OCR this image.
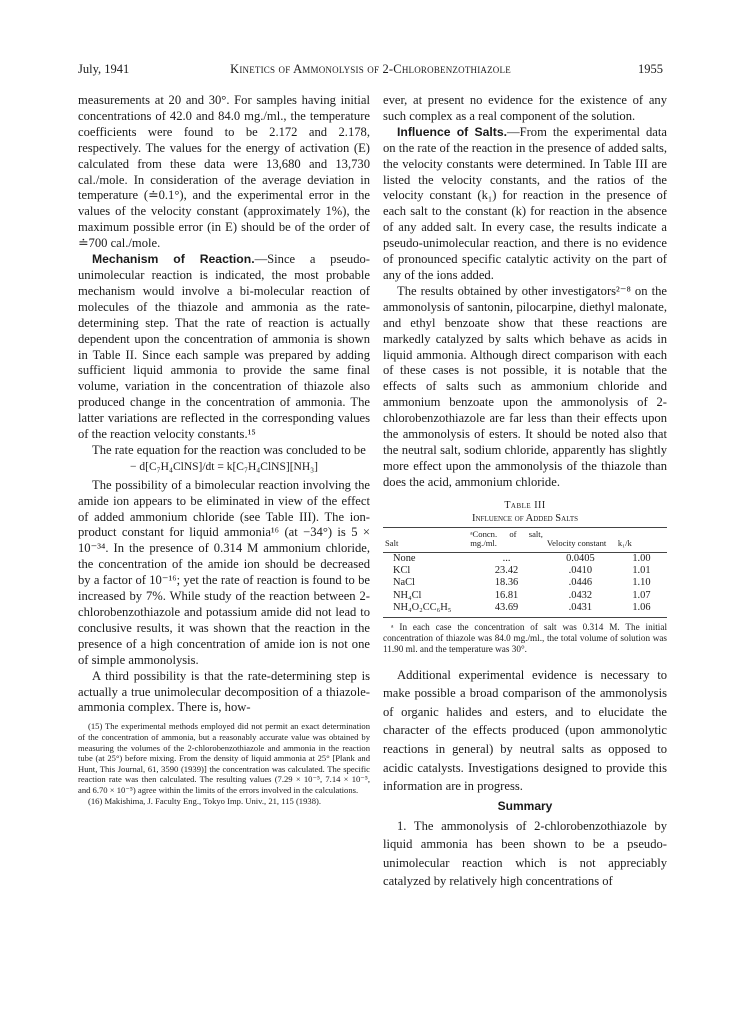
July, 1941	Kinetics of Ammonolysis of 2-Chlorobenzothiazole	1955

measurements at 20 and 30°. For samples having initial concentrations of 42.0 and 84.0 mg./ml., the temperature coefficients were found to be 2.172 and 2.178, respectively. The values for the energy of activation (E) calculated from these data were 13,680 and 13,730 cal./mole. In consideration of the average deviation in temperature (≐0.1°), and the experimental error in the values of the velocity constant (approximately 1%), the maximum possible error (in E) should be of the order of ≐700 cal./mole.

Mechanism of Reaction.—Since a pseudo-unimolecular reaction is indicated, the most probable mechanism would involve a bi-molecular reaction of molecules of the thiazole and ammonia as the rate-determining step. That the rate of reaction is actually dependent upon the concentration of ammonia is shown in Table II. Since each sample was prepared by adding sufficient liquid ammonia to provide the same final volume, variation in the concentration of thiazole also produced change in the concentration of ammonia. The latter variations are reflected in the corresponding values of the reaction velocity constants.¹⁵

The rate equation for the reaction was concluded to be

− d[C₇H₄ClNS]/dt = k[C₇H₄ClNS][NH₃]

The possibility of a bimolecular reaction involving the amide ion appears to be eliminated in view of the effect of added ammonium chloride (see Table III). The ion-product constant for liquid ammonia¹⁶ (at −34°) is 5 × 10⁻³⁴. In the presence of 0.314 M ammonium chloride, the concentration of the amide ion should be decreased by a factor of 10⁻¹⁶; yet the rate of reaction is found to be increased by 7%. While study of the reaction between 2-chlorobenzothiazole and potassium amide did not lead to conclusive results, it was shown that the reaction in the presence of a high concentration of amide ion is not one of simple ammonolysis.

A third possibility is that the rate-determining step is actually a true unimolecular decomposition of a thiazole-ammonia complex. There is, how-

(15) The experimental methods employed did not permit an exact determination of the concentration of ammonia, but a reasonably accurate value was obtained by measuring the volumes of the 2-chlorobenzothiazole and ammonia in the reaction tube (at 25°) before mixing. From the density of liquid ammonia at 25° [Plank and Hunt, This Journal, 61, 3590 (1939)] the concentration was calculated. The specific reaction rate was then calculated. The resulting values (7.29 × 10⁻⁵, 7.14 × 10⁻⁵, and 6.70 × 10⁻⁵) agree within the limits of the errors involved in the calculations.

(16) Makishima, J. Faculty Eng., Tokyo Imp. Univ., 21, 115 (1938).

ever, at present no evidence for the existence of any such complex as a real component of the solution.

Influence of Salts.—From the experimental data on the rate of the reaction in the presence of added salts, the velocity constants were determined. In Table III are listed the velocity constants, and the ratios of the velocity constant (k₁) for reaction in the presence of each salt to the constant (k) for reaction in the absence of any added salt. In every case, the results indicate a pseudo-unimolecular reaction, and there is no evidence of pronounced specific catalytic activity on the part of any of the ions added.

The results obtained by other investigators²⁻⁸ on the ammonolysis of santonin, pilocarpine, diethyl malonate, and ethyl benzoate show that these reactions are markedly catalyzed by salts which behave as acids in liquid ammonia. Although direct comparison with each of these cases is not possible, it is notable that the effects of salts such as ammonium chloride and ammonium benzoate upon the ammonolysis of 2-chlorobenzothiazole are far less than their effects upon the ammonolysis of esters. It should be noted also that the neutral salt, sodium chloride, apparently has slightly more effect upon the ammonolysis of the thiazole than does the acid, ammonium chloride.

Table III
Influence of Added Salts
Salt	ᵃConcn. of salt, mg./ml.	Velocity constant	k₁/k
None	...	0.0405	1.00
KCl	23.42	.0410	1.01
NaCl	18.36	.0446	1.10
NH₄Cl	16.81	.0432	1.07
NH₄O₂CC₆H₅	43.69	.0431	1.06

ᵃ In each case the concentration of salt was 0.314 M. The initial concentration of thiazole was 84.0 mg./ml., the total volume of solution was 11.90 ml. and the temperature was 30°.

Additional experimental evidence is necessary to make possible a broad comparison of the ammonolysis of organic halides and esters, and to elucidate the character of the effects produced (upon ammonolytic reactions in general) by neutral salts as opposed to acidic catalysts. Investigations designed to provide this information are in progress.

Summary

1. The ammonolysis of 2-chlorobenzothiazole by liquid ammonia has been shown to be a pseudo-unimolecular reaction which is not appreciably catalyzed by relatively high concentrations of
